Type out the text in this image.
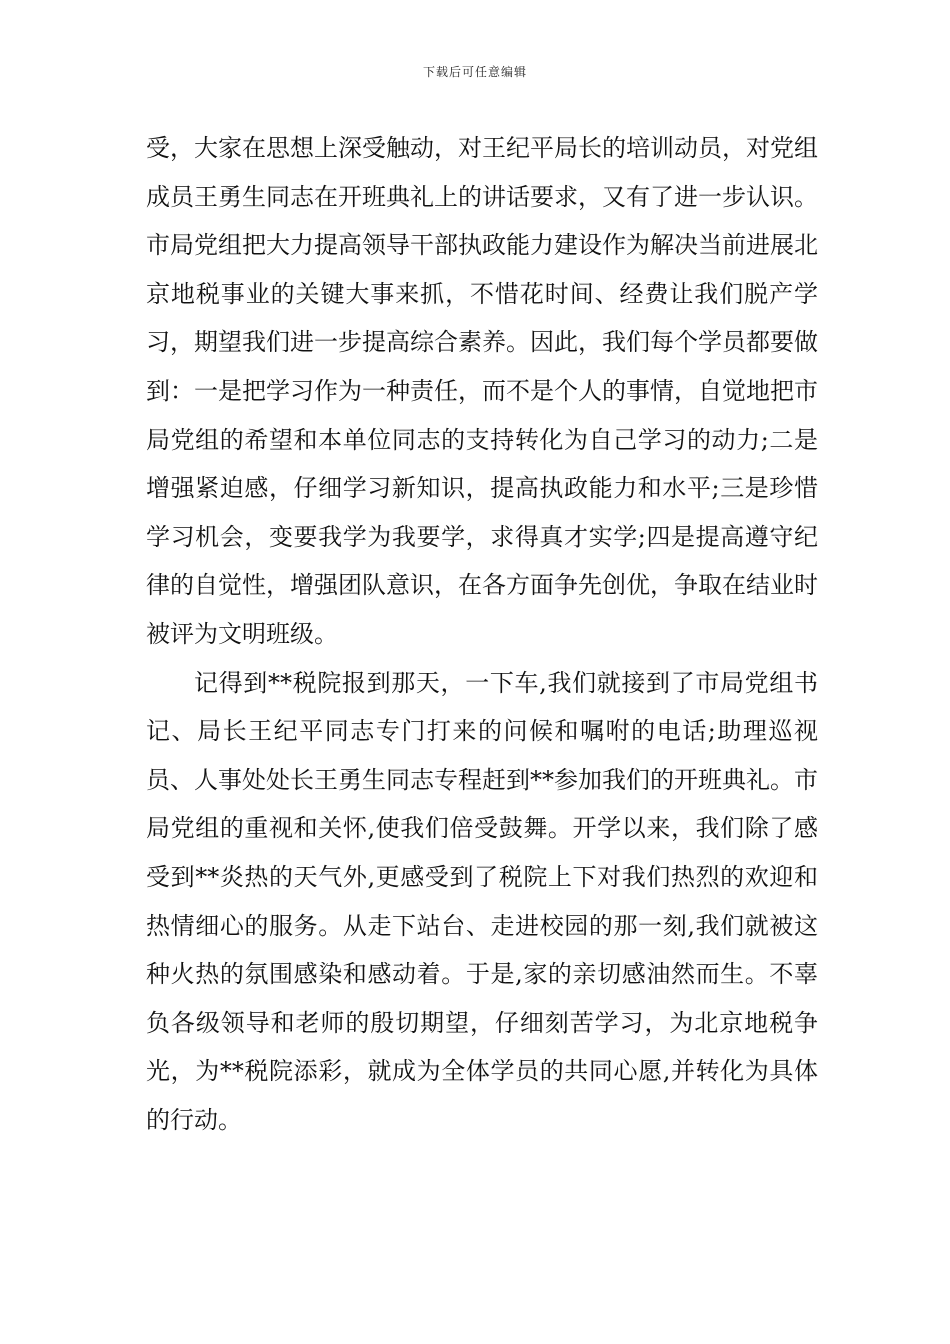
下载后可任意编辑

受，大家在思想上深受触动，对王纪平局长的培训动员，对党组成员王勇生同志在开班典礼上的讲话要求，又有了进一步认识。市局党组把大力提高领导干部执政能力建设作为解决当前进展北京地税事业的关键大事来抓，不惜花时间、经费让我们脱产学习，期望我们进一步提高综合素养。因此，我们每个学员都要做到：一是把学习作为一种责任，而不是个人的事情，自觉地把市局党组的希望和本单位同志的支持转化为自己学习的动力;二是增强紧迫感，仔细学习新知识，提高执政能力和水平;三是珍惜学习机会，变要我学为我要学，求得真才实学;四是提高遵守纪律的自觉性，增强团队意识，在各方面争先创优，争取在结业时被评为文明班级。

记得到**税院报到那天，一下车,我们就接到了市局党组书记、局长王纪平同志专门打来的问候和嘱咐的电话;助理巡视员、人事处处长王勇生同志专程赶到**参加我们的开班典礼。市局党组的重视和关怀,使我们倍受鼓舞。开学以来，我们除了感受到**炎热的天气外,更感受到了税院上下对我们热烈的欢迎和热情细心的服务。从走下站台、走进校园的那一刻,我们就被这种火热的氛围感染和感动着。于是,家的亲切感油然而生。不辜负各级领导和老师的殷切期望，仔细刻苦学习，为北京地税争光，为**税院添彩，就成为全体学员的共同心愿,并转化为具体的行动。
